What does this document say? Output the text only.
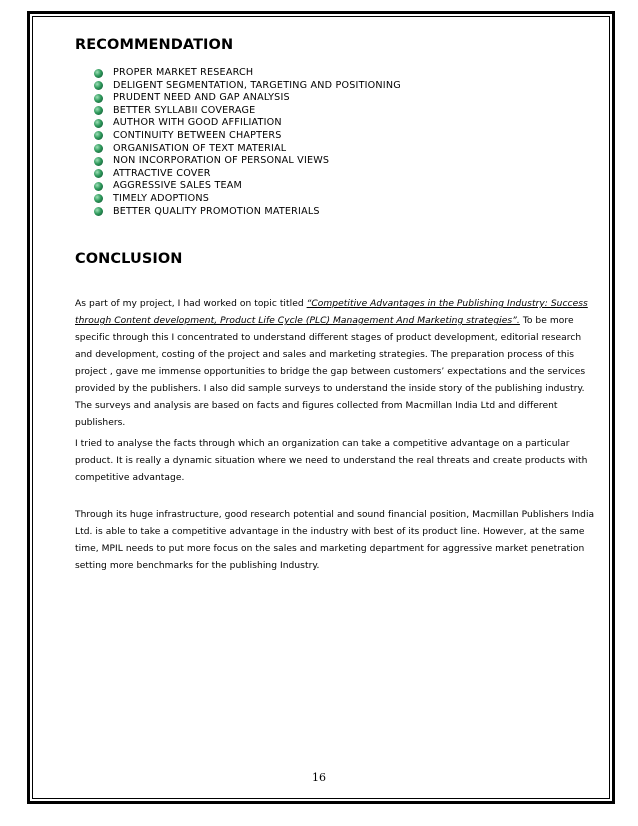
RECOMMENDATION
PROPER MARKET RESEARCH
DELIGENT SEGMENTATION, TARGETING AND POSITIONING
PRUDENT NEED AND GAP ANALYSIS
BETTER SYLLABII COVERAGE
AUTHOR WITH GOOD AFFILIATION
CONTINUITY BETWEEN CHAPTERS
ORGANISATION OF TEXT MATERIAL
NON INCORPORATION OF PERSONAL VIEWS
ATTRACTIVE COVER
AGGRESSIVE SALES TEAM
TIMELY ADOPTIONS
BETTER QUALITY PROMOTION MATERIALS
CONCLUSION

As part of my project, I had worked on topic titled “Competitive Advantages in the Publishing Industry: Success through Content development, Product Life Cycle (PLC) Management And Marketing strategies”. To be more specific through this I concentrated to understand different stages of product development, editorial research and development, costing of the project and sales and marketing strategies. The preparation process of this project , gave me immense opportunities to bridge the gap between customers’ expectations and the services provided by the publishers. I also did sample surveys to understand the inside story of the publishing industry. The surveys and analysis are based on facts and figures collected from Macmillan India Ltd and different publishers.

I tried to analyse the facts through which an organization can take a competitive advantage on a particular product. It is really a dynamic situation where we need to understand the real threats and create products with competitive advantage.

Through its huge infrastructure, good research potential and sound financial position, Macmillan Publishers India Ltd. is able to take a competitive advantage in the industry with best of its product line. However, at the same time, MPIL needs to put more focus on the sales and marketing department for aggressive market penetration setting more benchmarks for the publishing Industry.

16
